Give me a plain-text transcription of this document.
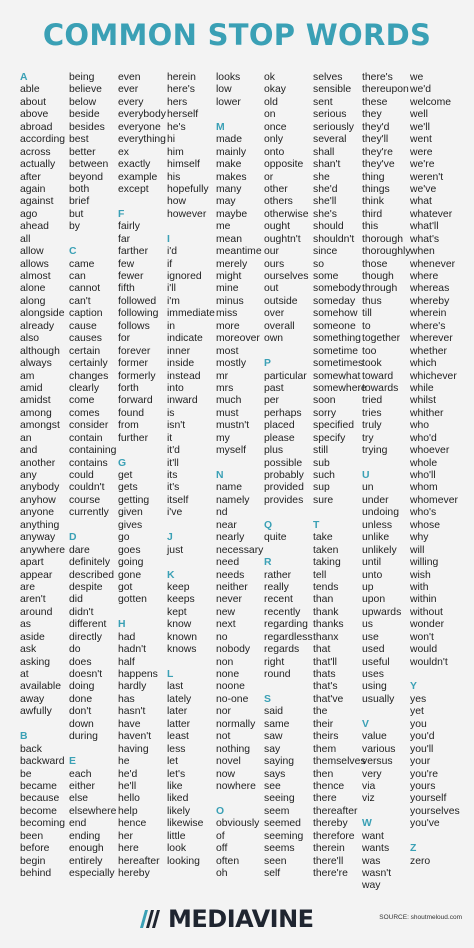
COMMON STOP WORDS
A
able
about
above
abroad
according
across
actually
after
again
against
ago
ahead
all
allow
allows
almost
alone
along
alongside
already
also
although
always
am
amid
amidst
among
amongst
an
and
another
any
anybody
anyhow
anyone
anything
anyway
anywhere
apart
appear
are
aren't
around
as
aside
ask
asking
at
available
away
awfully
B
back
backward
be
became
because
become
becoming
been
before
begin
behind
being
believe
below
beside
besides
best
better
between
beyond
both
brief
but
by
C
came
can
cannot
can't
caption
cause
causes
certain
certainly
changes
clearly
come
comes
consider
contain
containing
contains
could
couldn't
course
currently
D
dare
definitely
described
despite
did
didn't
different
directly
do
does
doesn't
doing
done
don't
down
during
E
each
either
else
elsewhere
end
ending
enough
entirely
especially
even
ever
every
everybody
everyone
everything
ex
exactly
example
except
F
fairly
far
farther
few
fewer
fifth
followed
following
follows
for
forever
former
formerly
forth
forward
found
from
further
G
get
gets
getting
given
gives
go
goes
going
gone
got
gotten
H
had
hadn't
half
happens
hardly
has
hasn't
have
haven't
having
he
he'd
he'll
hello
help
hence
her
here
hereafter
hereby
herein
here's
hers
herself
he's
hi
him
himself
his
hopefully
how
however
I
i'd
if
ignored
i'll
i'm
immediate
in
indicate
inner
inside
instead
into
inward
is
isn't
it
it'd
it'll
its
it's
itself
i've
J
just
K
keep
keeps
kept
know
known
knows
L
last
lately
later
latter
least
less
let
let's
like
liked
likely
likewise
little
look
looking
looks
low
lower
M
made
mainly
make
makes
many
may
maybe
me
mean
meantime
merely
might
mine
minus
miss
more
moreover
most
mostly
mr
mrs
much
must
mustn't
my
myself
N
name
namely
nd
near
nearly
necessary
need
needs
neither
never
new
next
no
nobody
non
none
noone
no-one
nor
normally
not
nothing
novel
now
nowhere
O
obviously
of
off
often
oh
ok
okay
old
on
once
only
onto
opposite
or
other
others
otherwise
ought
oughtn't
our
ours
ourselves
out
outside
over
overall
own
P
particular
past
per
perhaps
placed
please
plus
possible
probably
provided
provides
Q
quite
R
rather
really
recent
recently
regarding
regardless
regards
right
round
S
said
same
saw
say
saying
says
see
seeing
seem
seemed
seeming
seems
seen
self
selves
sensible
sent
serious
seriously
several
shall
shan't
she
she'd
she'll
she's
should
shouldn't
since
so
some
somebody
someday
somehow
someone
something
sometime
sometimes
somewhat
somewhere
soon
sorry
specified
specify
still
sub
such
sup
sure
T
take
taken
taking
tell
tends
than
thank
thanks
thanx
that
that'll
thats
that's
that've
the
their
theirs
them
themselves
then
thence
there
thereafter
thereby
therefore
therein
there'll
there're
there's
thereupon
these
they
they'd
they'll
they're
they've
thing
things
think
third
this
thorough
thoroughly
those
though
through
thus
till
to
together
too
took
toward
towards
tried
tries
truly
try
trying
U
un
under
undoing
unless
unlike
unlikely
until
unto
up
upon
upwards
us
use
used
useful
uses
using
usually
V
value
various
versus
very
via
viz
W
want
wants
was
wasn't
way
we
we'd
welcome
well
we'll
went
were
we're
weren't
we've
what
whatever
what'll
what's
when
whenever
where
whereas
whereby
wherein
where's
wherever
whether
which
whichever
while
whilst
whither
who
who'd
whoever
whole
who'll
whom
whomever
who's
whose
why
will
willing
wish
with
within
without
wonder
won't
would
wouldn't
Y
yes
yet
you
you'd
you'll
your
you're
yours
yourself
yourselves
you've
Z
zero
MEDIAVINE	SOURCE: shoutmeloud.com
